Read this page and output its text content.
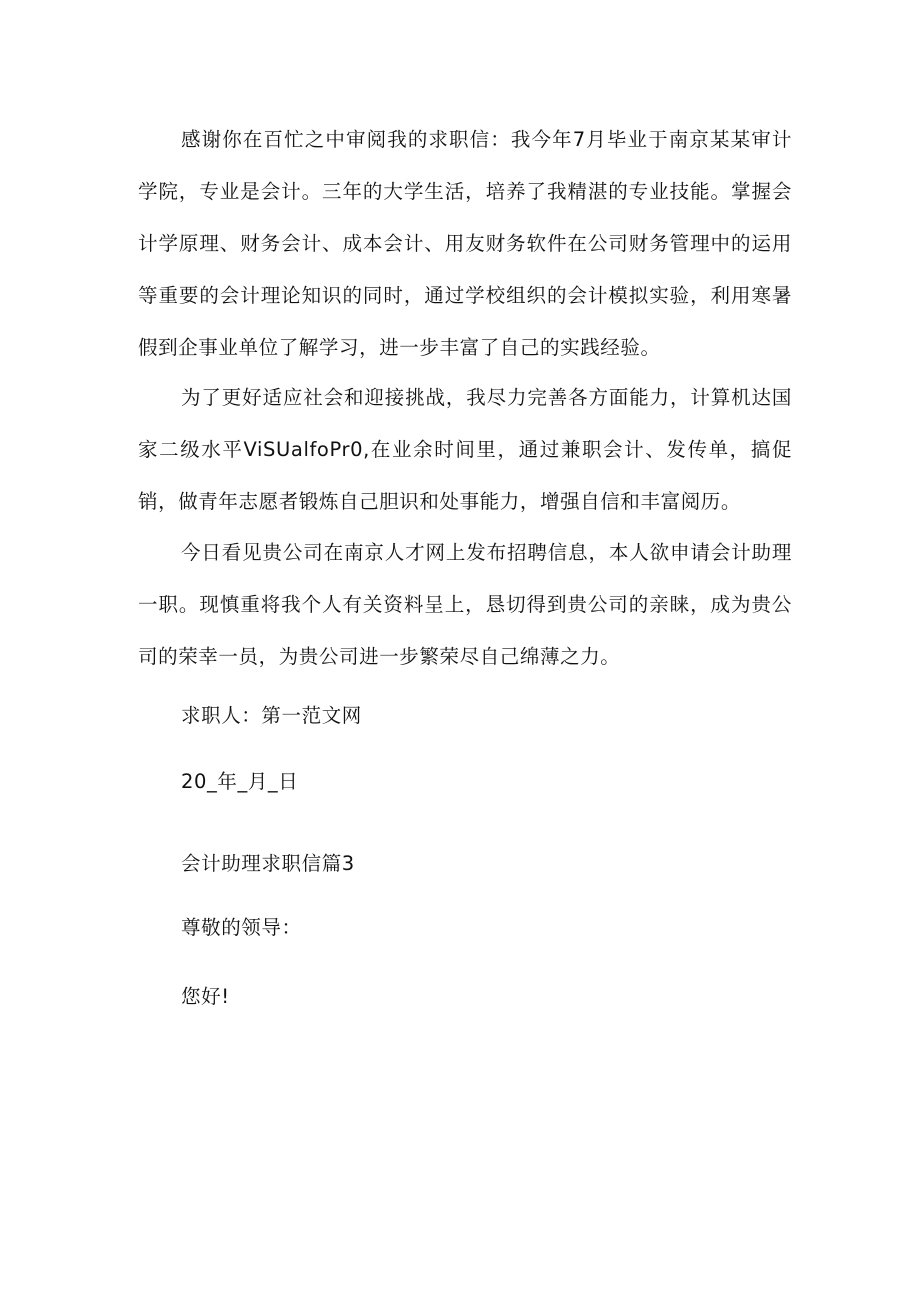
感谢你在百忙之中审阅我的求职信：我今年7月毕业于南京某某审计学院，专业是会计。三年的大学生活，培养了我精湛的专业技能。掌握会计学原理、财务会计、成本会计、用友财务软件在公司财务管理中的运用等重要的会计理论知识的同时，通过学校组织的会计模拟实验，利用寒暑假到企事业单位了解学习，进一步丰富了自己的实践经验。

为了更好适应社会和迎接挑战，我尽力完善各方面能力，计算机达国家二级水平ViSUalfoPr0,在业余时间里，通过兼职会计、发传单，搞促销，做青年志愿者锻炼自己胆识和处事能力，增强自信和丰富阅历。

今日看见贵公司在南京人才网上发布招聘信息，本人欲申请会计助理一职。现慎重将我个人有关资料呈上，恳切得到贵公司的亲睐，成为贵公司的荣幸一员，为贵公司进一步繁荣尽自己绵薄之力。

求职人：第一范文网

20_年_月_日

会计助理求职信篇3

尊敬的领导：

您好!
